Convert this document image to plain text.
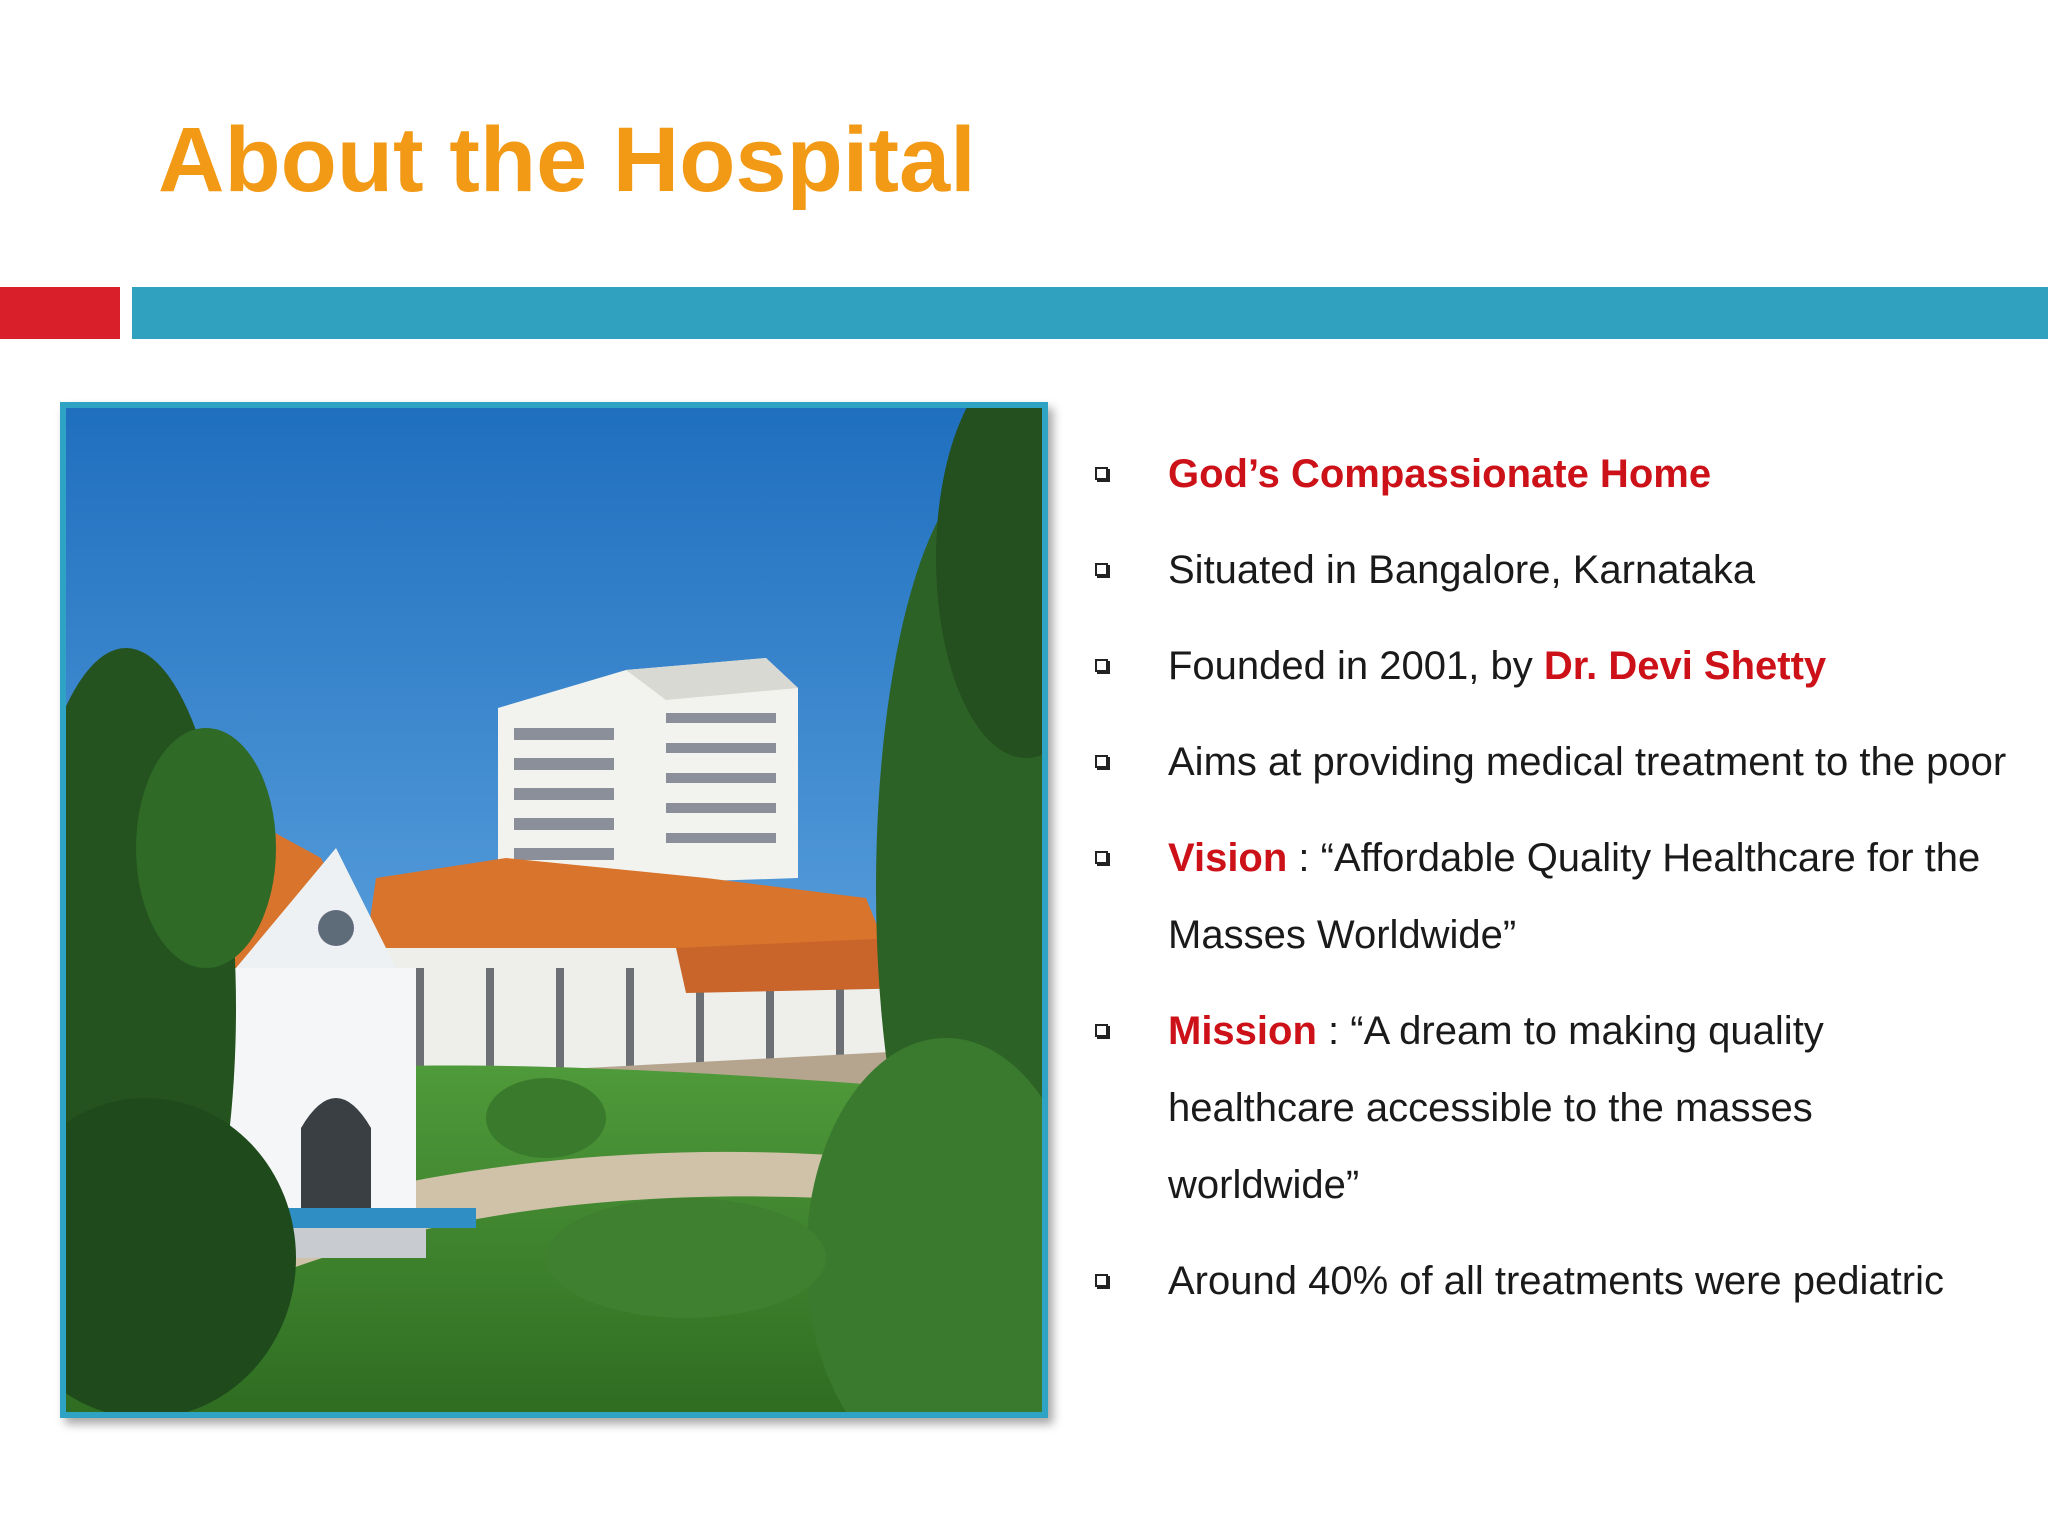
About the Hospital
God’s Compassionate Home
Situated in Bangalore, Karnataka
Founded in 2001, by Dr. Devi Shetty
Aims at providing medical treatment to the poor
Vision : “Affordable Quality Healthcare for the Masses Worldwide”
Mission : “A dream to making quality healthcare accessible to the masses worldwide”
Around 40% of all treatments were pediatric
